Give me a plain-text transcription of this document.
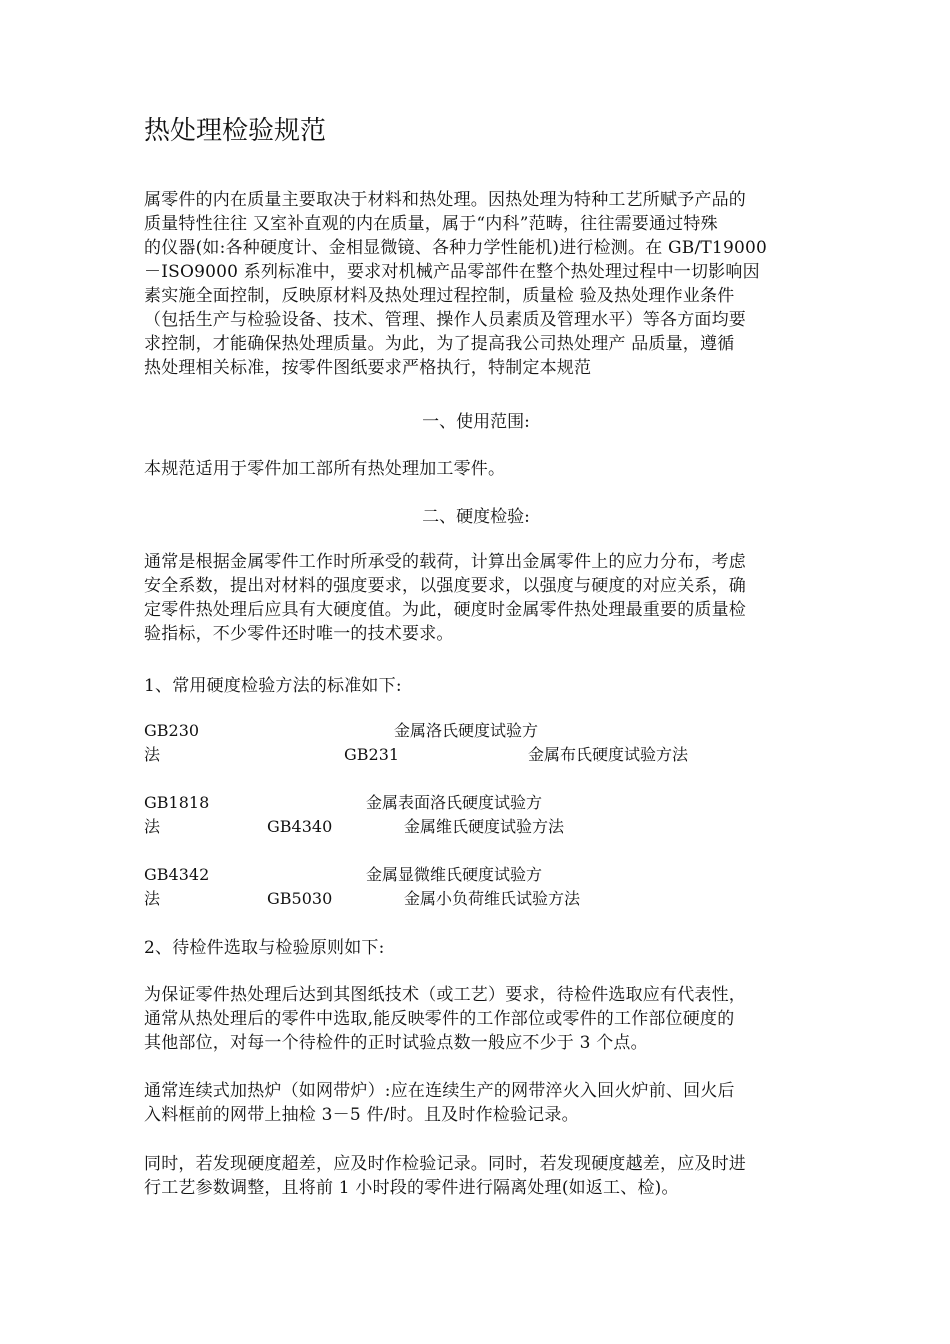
热处理检验规范
属零件的内在质量主要取决于材料和热处理。因热处理为特种工艺所赋予产品的
质量特性往往 又室补直观的内在质量，属于“内科”范畴，往往需要通过特殊
的仪器(如:各种硬度计、金相显微镜、各种力学性能机)进行检测。在 GB/T19000
－ISO9000 系列标准中，要求对机械产品零部件在整个热处理过程中一切影响因
素实施全面控制，反映原材料及热处理过程控制，质量检 验及热处理作业条件
（包括生产与检验设备、技术、管理、操作人员素质及管理水平）等各方面均要
求控制，才能确保热处理质量。为此，为了提高我公司热处理产 品质量，遵循
热处理相关标准，按零件图纸要求严格执行，特制定本规范
一、使用范围:
本规范适用于零件加工部所有热处理加工零件。
二、硬度检验:
通常是根据金属零件工作时所承受的载荷，计算出金属零件上的应力分布，考虑
安全系数，提出对材料的强度要求，以强度要求，以强度与硬度的对应关系，确
定零件热处理后应具有大硬度值。为此，硬度时金属零件热处理最重要的质量检
验指标，不少零件还时唯一的技术要求。
1、常用硬度检验方法的标准如下:
GB230	金属洛氏硬度试验方
法	GB231	金属布氏硬度试验方法
GB1818	金属表面洛氏硬度试验方
法	GB4340	金属维氏硬度试验方法
GB4342	金属显微维氏硬度试验方
法	GB5030	金属小负荷维氏试验方法
2、待检件选取与检验原则如下:
为保证零件热处理后达到其图纸技术（或工艺）要求，待检件选取应有代表性，
通常从热处理后的零件中选取,能反映零件的工作部位或零件的工作部位硬度的
其他部位，对每一个待检件的正时试验点数一般应不少于 3 个点。
通常连续式加热炉（如网带炉）:应在连续生产的网带淬火入回火炉前、回火后
入料框前的网带上抽检 3－5 件/时。且及时作检验记录。
同时，若发现硬度超差，应及时作检验记录。同时，若发现硬度越差，应及时进
行工艺参数调整，且将前 1 小时段的零件进行隔离处理(如返工、检)。
